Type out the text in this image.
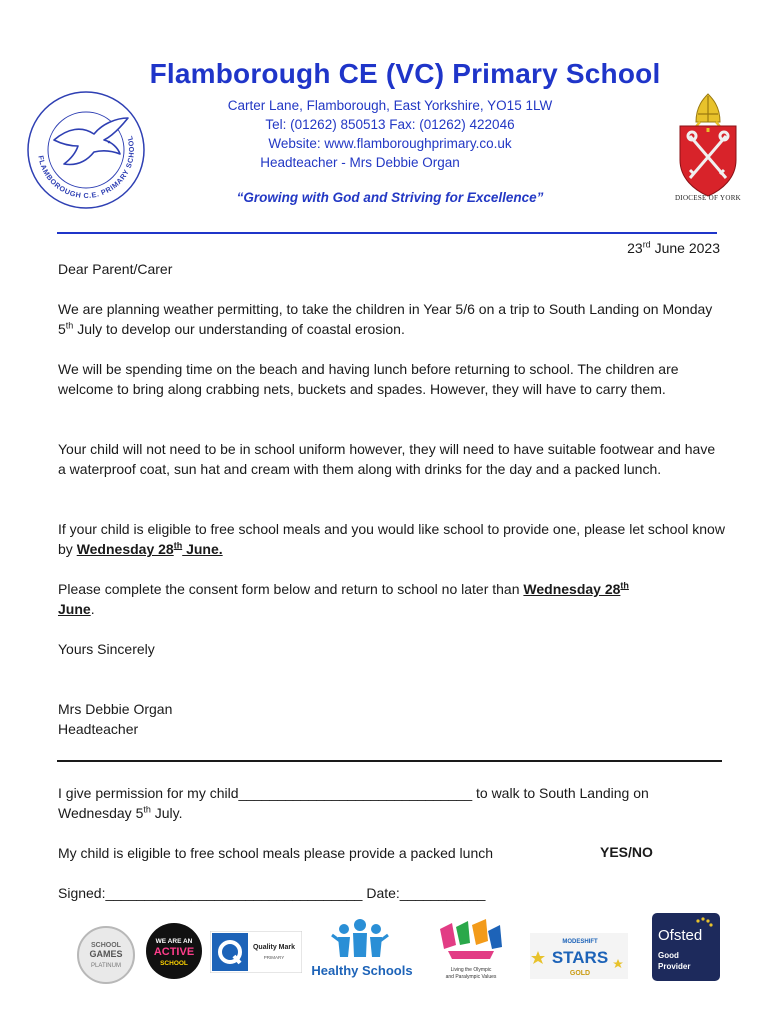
FLAMBOROUGH C.E. PRIMARY SCHOOL
Flamborough CE (VC) Primary School
Carter Lane, Flamborough, East Yorkshire, YO15 1LW
Tel: (01262) 850513 Fax: (01262) 422046
Website: www.flamboroughprimary.co.uk
Headteacher - Mrs Debbie Organ
“Growing with God and Striving for Excellence”	DIOCESE OF YORK
23rd June 2023
Dear Parent/Carer
We are planning weather permitting, to take the children in Year 5/6 on a trip to South Landing on Monday 5th July to develop our understanding of coastal erosion.
We will be spending time on the beach and having lunch before returning to school. The children are welcome to bring along crabbing nets, buckets and spades. However, they will have to carry them.
Your child will not need to be in school uniform however, they will need to have suitable footwear and have a waterproof coat, sun hat and cream with them along with drinks for the day and a packed lunch.
If your child is eligible to free school meals and you would like school to provide one, please let school know by Wednesday 28th June.
Please complete the consent form below and return to school no later than Wednesday 28th
June.
Yours Sincerely
Mrs Debbie Organ
Headteacher
I give permission for my child______________________________ to walk to South Landing on Wednesday 5th July.
My child is eligible to free school meals please provide a packed lunch	YES/NO
Signed:_________________________________ Date:___________
SCHOOL
GAMES
PLATINUM
WE ARE AN
ACTIVE
SCHOOL
Quality Mark
PRIMARY
Healthy Schools	Living the Olympic
and Paralympic Values
MODESHIFT
STARS
GOLD
Ofsted
Good
Provider
